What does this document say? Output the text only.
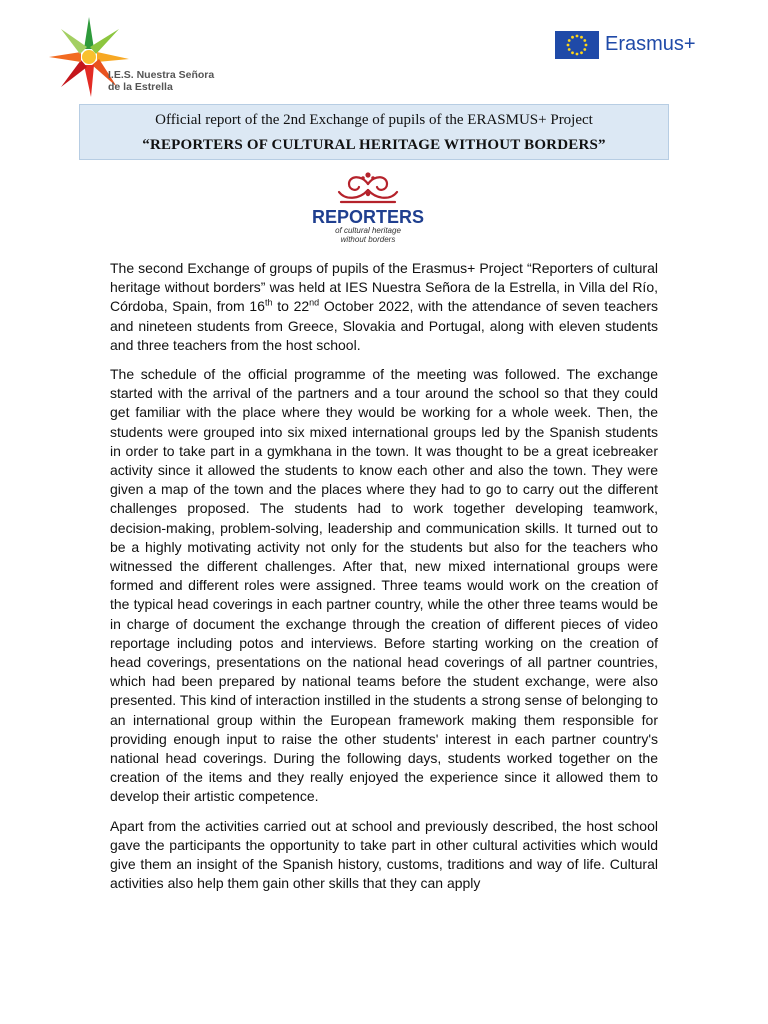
I.E.S. Nuestra Señora
de la Estrella
Erasmus+
Official report of the 2nd Exchange of pupils of the ERASMUS+ Project
“REPORTERS OF CULTURAL HERITAGE WITHOUT BORDERS”
REPORTERS
of cultural heritage
without borders

The second Exchange of groups of pupils of the Erasmus+ Project “Reporters of cultural heritage without borders” was held at IES Nuestra Señora de la Estrella, in Villa del Río, Córdoba, Spain, from 16th to 22nd October 2022, with the attendance of seven teachers and nineteen students from Greece, Slovakia and Portugal, along with eleven students and three teachers from the host school.

The schedule of the official programme of the meeting was followed. The exchange started with the arrival of the partners and a tour around the school so that they could get familiar with the place where they would be working for a whole week. Then, the students were grouped into six mixed international groups led by the Spanish students in order to take part in a gymkhana in the town. It was thought to be a great icebreaker activity since it allowed the students to know each other and also the town. They were given a map of the town and the places where they had to go to carry out the different challenges proposed. The students had to work together developing teamwork, decision-making, problem-solving, leadership and communication skills. It turned out to be a highly motivating activity not only for the students but also for the teachers who witnessed the different challenges. After that, new mixed international groups were formed and different roles were assigned. Three teams would work on the creation of the typical head coverings in each partner country, while the other three teams would be in charge of document the exchange through the creation of different pieces of video reportage including potos and interviews. Before starting working on the creation of head coverings, presentations on the national head coverings of all partner countries, which had been prepared by national teams before the student exchange, were also presented. This kind of interaction instilled in the students a strong sense of belonging to an international group within the European framework making them responsible for providing enough input to raise the other students' interest in each partner country's national head coverings. During the following days, students worked together on the creation of the items and they really enjoyed the experience since it allowed them to develop their artistic competence.

Apart from the activities carried out at school and previously described, the host school gave the participants the opportunity to take part in other cultural activities which would give them an insight of the Spanish history, customs, traditions and way of life. Cultural activities also help them gain other skills that they can apply
